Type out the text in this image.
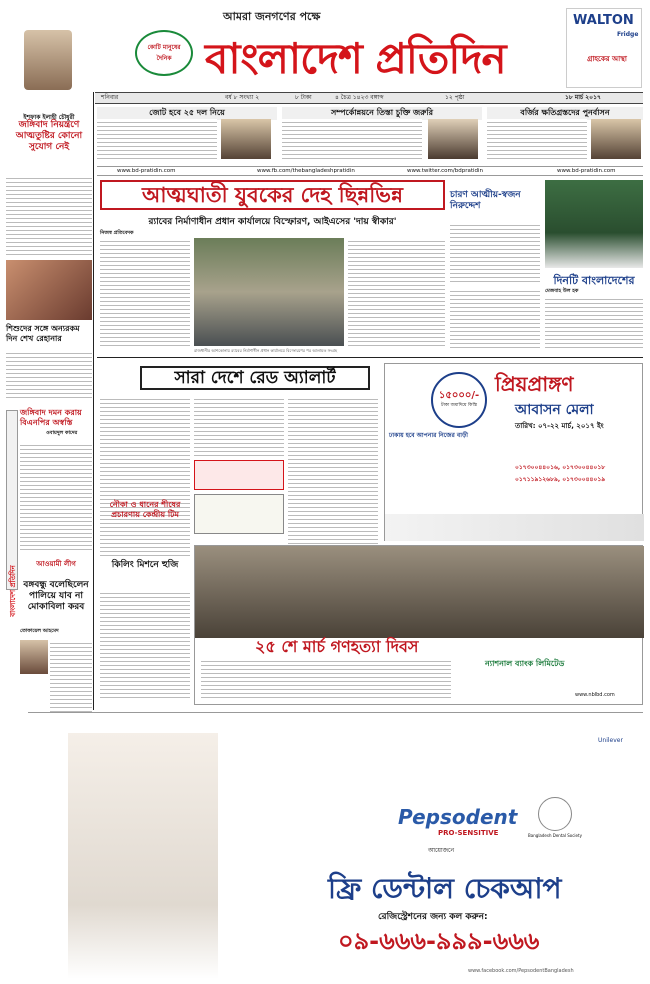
আমরা জনগণের পক্ষে
কোটি মানুষের দৈনিক বাংলাদেশ প্রতিদিন
WALTON
Fridge
গ্রাহকের আস্থা
শনিবার	বর্ষ ৮ সংখ্যা ২	৮ টাকা	৪ চৈত্র ১৪২৩ বঙ্গাব্দ	১২ পৃষ্ঠা	১৮ মার্চ ২০১৭
ইশফাক ইলাহী চৌধুরী
জঙ্গিবাদ নিয়ন্ত্রণে আত্মতুষ্টির কোনো সুযোগ নেই
শিশুদের সঙ্গে অন্যরকম দিন শেখ রেহানার
জঙ্গিবাদ দমন করায় বিএনপির অস্বস্তি
ওবায়দুল কাদের
বাংলাদেশ প্রতিদিন
আওয়ামী লীগ
বঙ্গবন্ধু বলেছিলেন পালিয়ে যাব না মোকাবিলা করব
তোফায়েল আহমেদ
জোট হবে ২৫ দল নিয়ে	সম্পর্কোন্নয়নে তিস্তা চুক্তি জরুরি	বর্জির ক্ষতিগ্রস্তদের পুনর্বাসন
www.bd-pratidin.com	www.fb.com/thebangladeshpratidin	www.twitter.com/bdpratidin	www.bd-pratidin.com
আত্মঘাতী যুবকের দেহ ছিন্নভিন্ন
র‌্যাবের নির্মাণাধীন প্রধান কার্যালয়ে বিস্ফোরণ, আইএসের 'দায় স্বীকার'
নিজস্ব প্রতিবেদক
রাজধানীর আশকোনায় র‌্যাবের নির্মাণাধীন প্রধান কার্যালয়ে বিস্ফোরণের পর আলামত সংগ্রহ
চারণ আত্মীয়-স্বজন নিরুদ্দেশ
দিনটি বাংলাদেশের
মেজবাহ উল হক
সারা দেশে রেড অ্যালার্ট
নৌকা ও ধানের শীষের প্রচারণায় কেন্দ্রীয় টিম
কিলিং মিশনে হুজি
প্রিয়প্রাঙ্গণ
আবাসন মেলা
তারিখ: ০৭-২২ মার্চ, ২০১৭ ইং
১৫০০০/-
টাকা জমাদিয়ে কিস্তি
ঢাকায় হবে আপনার নিজের বাড়ী
০১৭৩০০৪৪০১৬, ০১৭৩০০৪৪০১৮
০১৭১১৯১২৬৮৯, ০১৭৩০০৪৪০১৯
২৫ শে মার্চ গণহত্যা দিবস
ন্যাশনাল ব্যাংক লিমিটেড
www.nblbd.com
Pepsodent
PRO-SENSITIVE	Bangladesh Dental Society
আয়োজনে
ফ্রি ডেন্টাল চেকআপ
রেজিস্ট্রেশনের জন্য কল করুন:
০৯-৬৬৬-৯৯৯-৬৬৬
Unilever
www.facebook.com/PepsodentBangladesh
